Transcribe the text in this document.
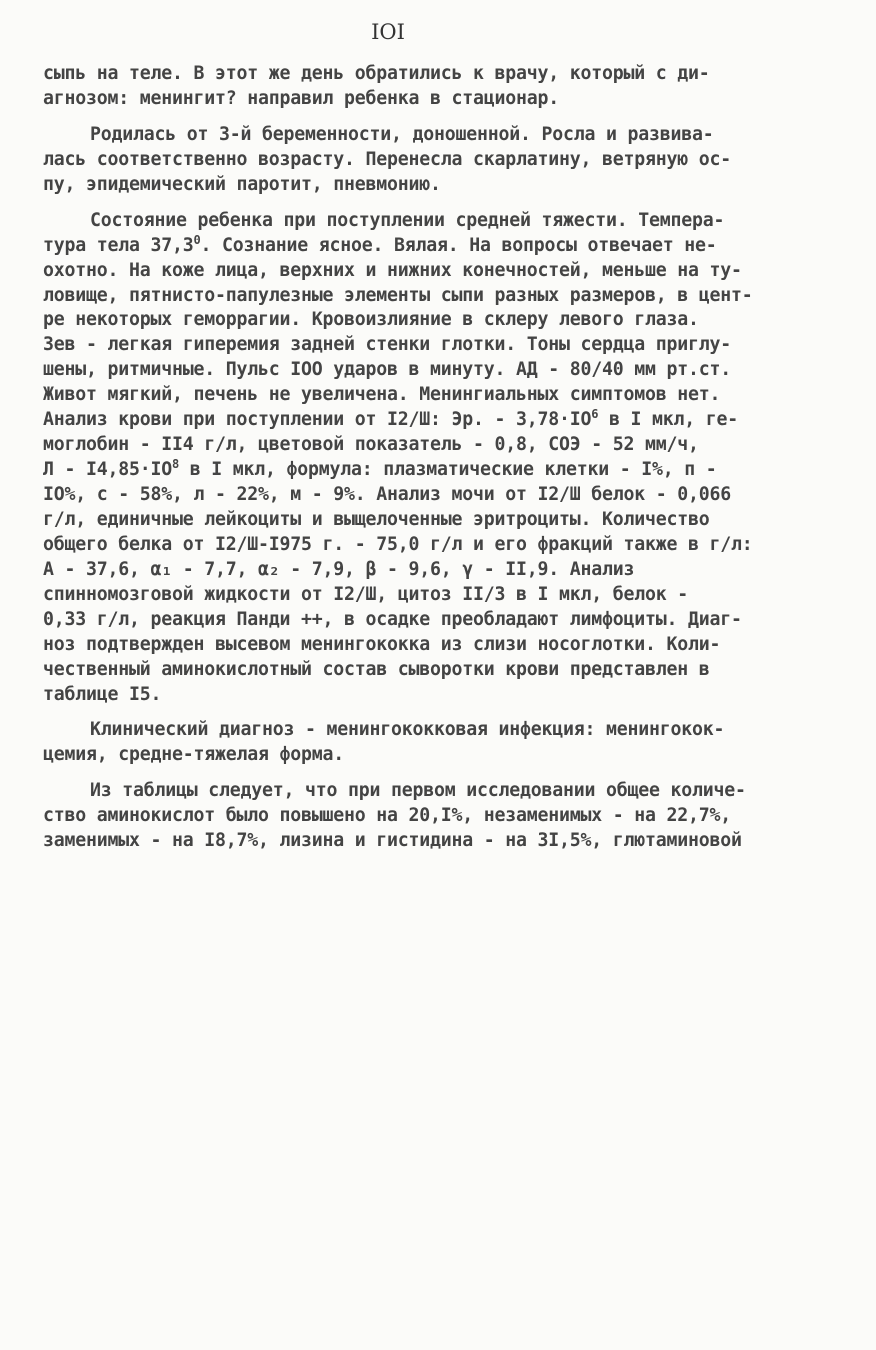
IOI
сыпь на теле. В этот же день обратились к врачу, который с ди-
агнозом: менингит? направил ребенка в стационар.
Родилась от 3-й беременности, доношенной. Росла и развива-
лась соответственно возрасту. Перенесла скарлатину, ветряную ос-
пу, эпидемический паротит, пневмонию.
Состояние ребенка при поступлении средней тяжести. Темпера-
тура тела 37,3$^0$. Сознание ясное. Вялая. На вопросы отвечает не-
охотно. На коже лица, верхних и нижних конечностей, меньше на ту-
ловище, пятнисто-папулезные элементы сыпи разных размеров, в цент-
ре некоторых геморрагии. Кровоизлияние в склеру левого глаза.
Зев - легкая гиперемия задней стенки глотки. Тоны сердца приглу-
шены, ритмичные. Пульс IOO ударов в минуту. АД - 80/40 мм рт.ст.
Живот мягкий, печень не увеличена. Менингиальных симптомов нет.
Анализ крови при поступлении от I2/Ш: Эр. - $3,78\cdot IO^6$ в I мкл, ге-
моглобин - II4 г/л, цветовой показатель - 0,8, СОЭ - 52 мм/ч,
$Л - I4,85\cdot IO^8$ в I мкл, формула: плазматические клетки - I%, п -
IO%, с - 58%, л - 22%, м - 9%. Анализ мочи от I2/Ш белок - 0,066
г/л, единичные лейкоциты и выщелоченные эритроциты. Количество
общего белка от I2/Ш-I975 г. - 75,0 г/л и его фракций также в г/л:
А - 37,6, α₁ - 7,7, α₂ - 7,9, β - 9,6, γ - II,9. Анализ
спинномозговой жидкости от I2/Ш, цитоз II/3 в I мкл, белок -
0,33 г/л, реакция Панди ++, в осадке преобладают лимфоциты. Диаг-
ноз подтвержден высевом менингококка из слизи носоглотки. Коли-
чественный аминокислотный состав сыворотки крови представлен в
таблице I5.
Клинический диагноз - менингококковая инфекция: менингокок-
цемия, средне-тяжелая форма.
Из таблицы следует, что при первом исследовании общее количе-
ство аминокислот было повышено на 20,I%, незаменимых - на 22,7%,
заменимых - на I8,7%, лизина и гистидина - на 3I,5%, глютаминовой
